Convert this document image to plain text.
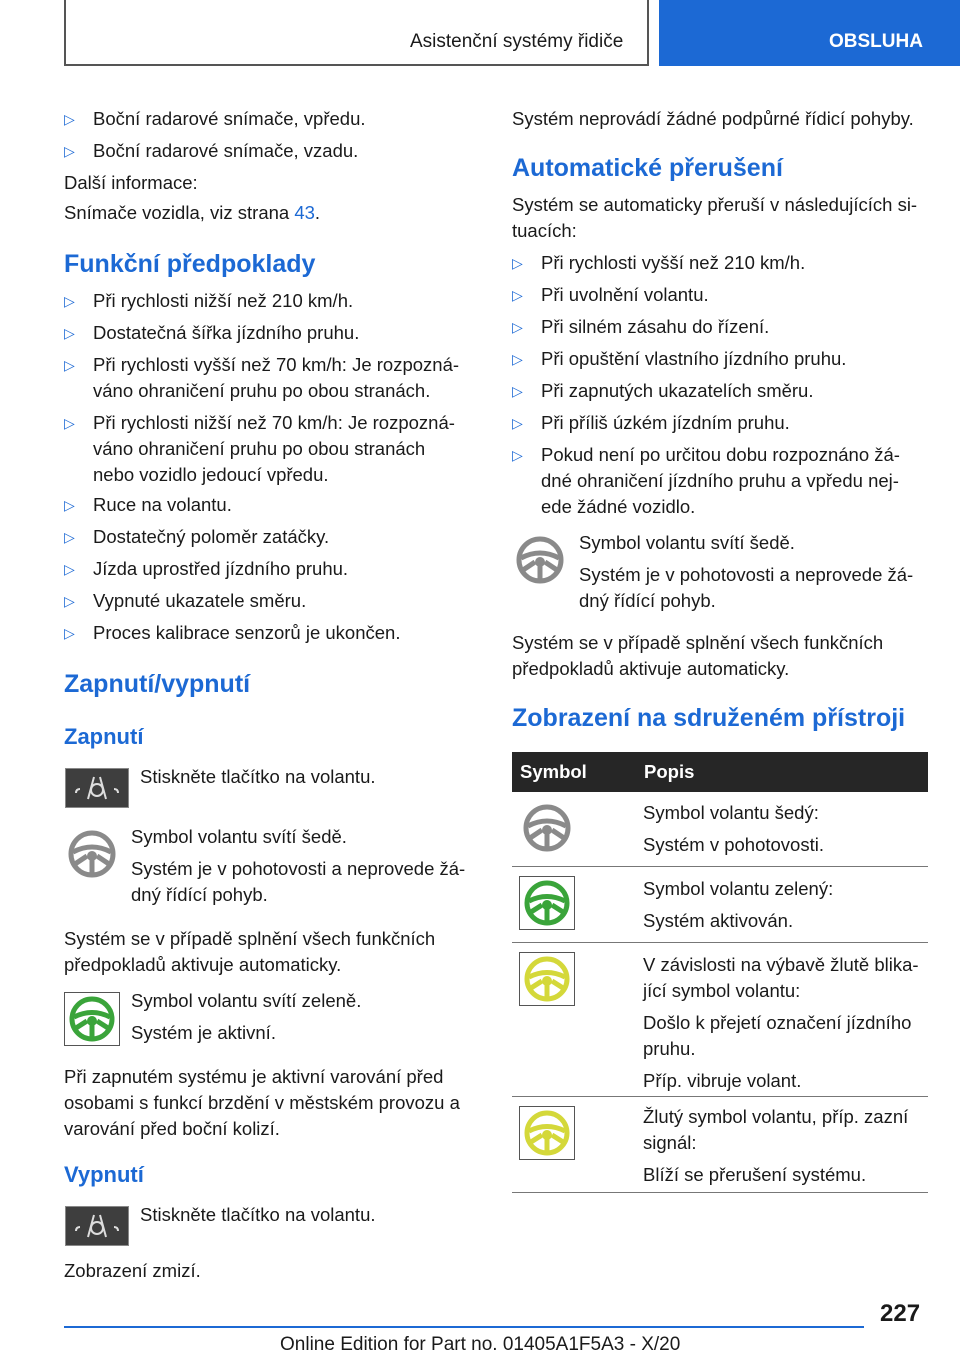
Asistenční systémy řidiče	OBSLUHA
▷ Boční radarové snímače, vpředu.
▷ Boční radarové snímače, vzadu.
Další informace:
Snímače vozidla, viz strana 43.
Funkční předpoklady
▷ Při rychlosti nižší než 210 km/h.
▷ Dostatečná šířka jízdního pruhu.
▷ Při rychlosti vyšší než 70 km/h: Je rozpozná‐
váno ohraničení pruhu po obou stranách.
▷ Při rychlosti nižší než 70 km/h: Je rozpozná‐
váno ohraničení pruhu po obou stranách
nebo vozidlo jedoucí vpředu.
▷ Ruce na volantu.
▷ Dostatečný poloměr zatáčky.
▷ Jízda uprostřed jízdního pruhu.
▷ Vypnuté ukazatele směru.
▷ Proces kalibrace senzorů je ukončen.
Zapnutí/vypnutí
Zapnutí
Stiskněte tlačítko na volantu.
Symbol volantu svítí šedě.
Systém je v pohotovosti a neprovede žá‐
dný řídící pohyb.
Systém se v případě splnění všech funkčních
předpokladů aktivuje automaticky.
Symbol volantu svítí zeleně.
Systém je aktivní.
Při zapnutém systému je aktivní varování před
osobami s funkcí brzdění v městském provozu a
varování před boční kolizí.
Vypnutí
Stiskněte tlačítko na volantu.
Zobrazení zmizí.
Systém neprovádí žádné podpůrné řídicí pohyby.
Automatické přerušení
Systém se automaticky přeruší v následujících si‐
tuacích:
▷ Při rychlosti vyšší než 210 km/h.
▷ Při uvolnění volantu.
▷ Při silném zásahu do řízení.
▷ Při opuštění vlastního jízdního pruhu.
▷ Při zapnutých ukazatelích směru.
▷ Při příliš úzkém jízdním pruhu.
▷ Pokud není po určitou dobu rozpoznáno žá‐
dné ohraničení jízdního pruhu a vpředu nej‐
ede žádné vozidlo.
Symbol volantu svítí šedě.
Systém je v pohotovosti a neprovede žá‐
dný řídící pohyb.
Systém se v případě splnění všech funkčních
předpokladů aktivuje automaticky.
Zobrazení na sdruženém přístroji
Symbol	Popis
Symbol volantu šedý:
Systém v pohotovosti.
Symbol volantu zelený:
Systém aktivován.
V závislosti na výbavě žlutě blika‐
jící symbol volantu:
Došlo k přejetí označení jízdního
pruhu.
Příp. vibruje volant.
Žlutý symbol volantu, příp. zazní
signál:
Blíží se přerušení systému.
227
Online Edition for Part no. 01405A1F5A3 - X/20
